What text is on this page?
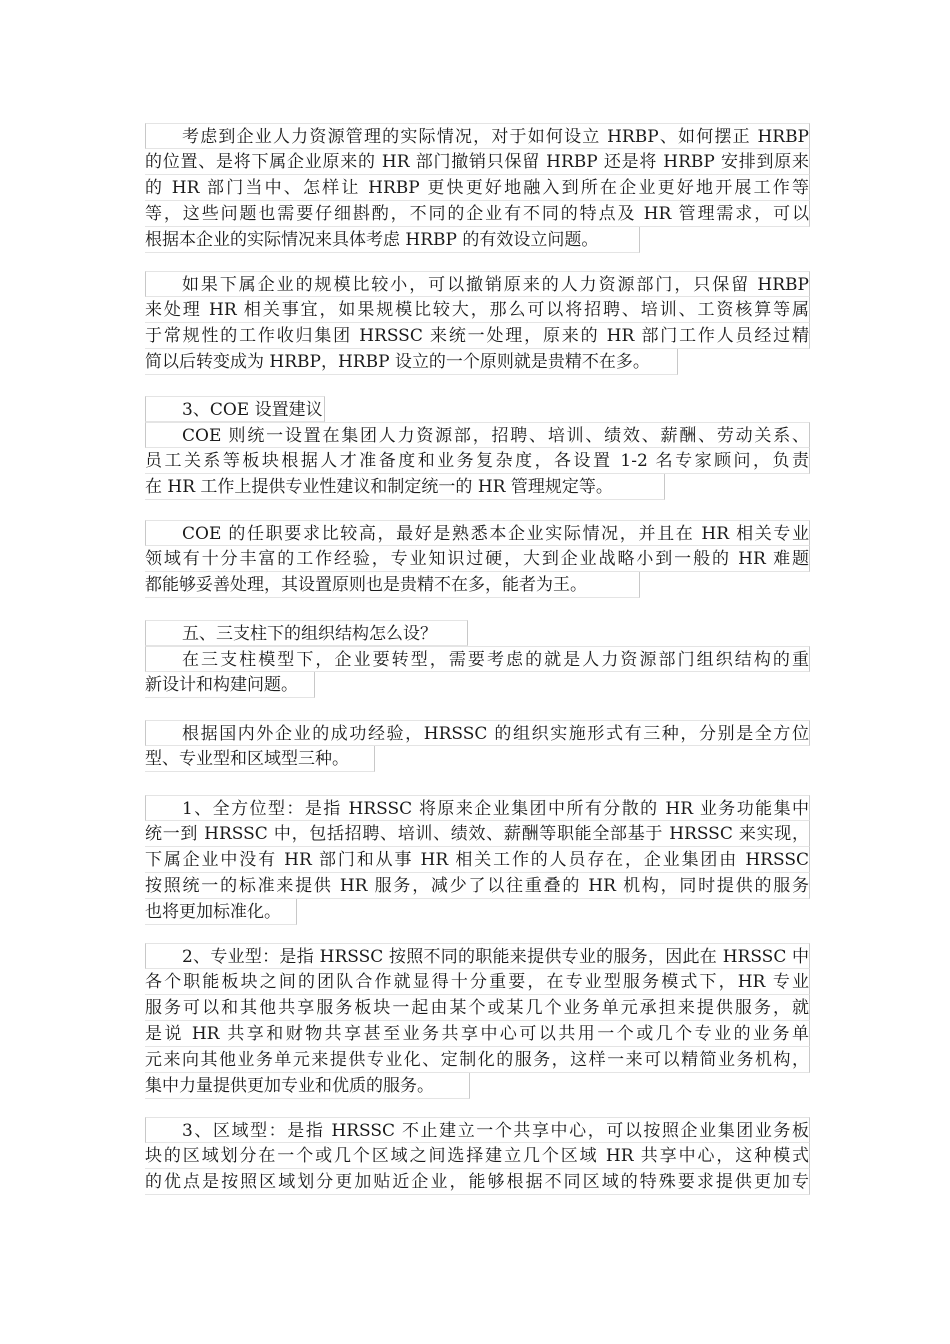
考虑到企业人力资源管理的实际情况，对于如何设立 HRBP、如何摆正 HRBP
的位置、是将下属企业原来的 HR 部门撤销只保留 HRBP 还是将 HRBP 安排到原来
的 HR 部门当中、怎样让 HRBP 更快更好地融入到所在企业更好地开展工作等
等，这些问题也需要仔细斟酌，不同的企业有不同的特点及 HR 管理需求，可以
根据本企业的实际情况来具体考虑 HRBP 的有效设立问题。
如果下属企业的规模比较小，可以撤销原来的人力资源部门，只保留 HRBP
来处理 HR 相关事宜，如果规模比较大，那么可以将招聘、培训、工资核算等属
于常规性的工作收归集团 HRSSC 来统一处理，原来的 HR 部门工作人员经过精
简以后转变成为 HRBP，HRBP 设立的一个原则就是贵精不在多。
3、COE 设置建议
COE 则统一设置在集团人力资源部，招聘、培训、绩效、薪酬、劳动关系、
员工关系等板块根据人才准备度和业务复杂度，各设置 1-2 名专家顾问，负责
在 HR 工作上提供专业性建议和制定统一的 HR 管理规定等。
COE 的任职要求比较高，最好是熟悉本企业实际情况，并且在 HR 相关专业
领域有十分丰富的工作经验，专业知识过硬，大到企业战略小到一般的 HR 难题
都能够妥善处理，其设置原则也是贵精不在多，能者为王。
五、三支柱下的组织结构怎么设？
在三支柱模型下，企业要转型，需要考虑的就是人力资源部门组织结构的重
新设计和构建问题。
根据国内外企业的成功经验，HRSSC 的组织实施形式有三种，分别是全方位
型、专业型和区域型三种。
1、全方位型：是指 HRSSC 将原来企业集团中所有分散的 HR 业务功能集中
统一到 HRSSC 中，包括招聘、培训、绩效、薪酬等职能全部基于 HRSSC 来实现，
下属企业中没有 HR 部门和从事 HR 相关工作的人员存在，企业集团由 HRSSC
按照统一的标准来提供 HR 服务，减少了以往重叠的 HR 机构，同时提供的服务
也将更加标准化。
2、专业型：是指 HRSSC 按照不同的职能来提供专业的服务，因此在 HRSSC 中
各个职能板块之间的团队合作就显得十分重要，在专业型服务模式下，HR 专业
服务可以和其他共享服务板块一起由某个或某几个业务单元承担来提供服务，就
是说 HR 共享和财物共享甚至业务共享中心可以共用一个或几个专业的业务单
元来向其他业务单元来提供专业化、定制化的服务，这样一来可以精简业务机构，
集中力量提供更加专业和优质的服务。
3、区域型：是指 HRSSC 不止建立一个共享中心，可以按照企业集团业务板
块的区域划分在一个或几个区域之间选择建立几个区域 HR 共享中心，这种模式
的优点是按照区域划分更加贴近企业，能够根据不同区域的特殊要求提供更加专
